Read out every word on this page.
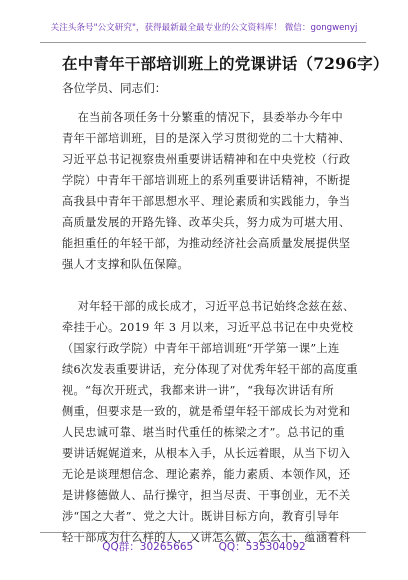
关注头条号"公文研究"，获得最新最全最专业的公文资料库！ 微信：gongwenyj
在中青年干部培训班上的党课讲话（7296字）
各位学员、同志们：
在当前各项任务十分繁重的情况下，县委举办今年中
青年干部培训班，目的是深入学习贯彻党的二十大精神、
习近平总书记视察贵州重要讲话精神和在中央党校（行政
学院）中青年干部培训班上的系列重要讲话精神，不断提
高我县中青年干部思想水平、理论素质和实践能力，争当
高质量发展的开路先锋、改革尖兵，努力成为可堪大用、
能担重任的年轻干部，为推动经济社会高质量发展提供坚
强人才支撑和队伍保障。
对年轻干部的成长成才，习近平总书记始终念兹在兹、
牵挂于心。2019 年 3 月以来，习近平总书记在中央党校
（国家行政学院）中青年干部培训班“开学第一课”上连
续6次发表重要讲话，充分体现了对优秀年轻干部的高度重
视。“每次开班式，我都来讲一讲”，“我每次讲话有所
侧重，但要求是一致的，就是希望年轻干部成长为对党和
人民忠诚可靠、堪当时代重任的栋梁之才”。总书记的重
要讲话娓娓道来，从根本入手，从长远着眼，从当下切入
无论是谈理想信念、理论素养，能力素质、本领作风，还
是讲修德做人、品行操守，担当尽责、干事创业，无不关
涉“国之大者”、党之大计。既讲目标方向，教育引导年
轻干部成为什么样的人，又讲怎么做、怎么干，蕴涵着科
QQ群：30265665 QQ：535304092
